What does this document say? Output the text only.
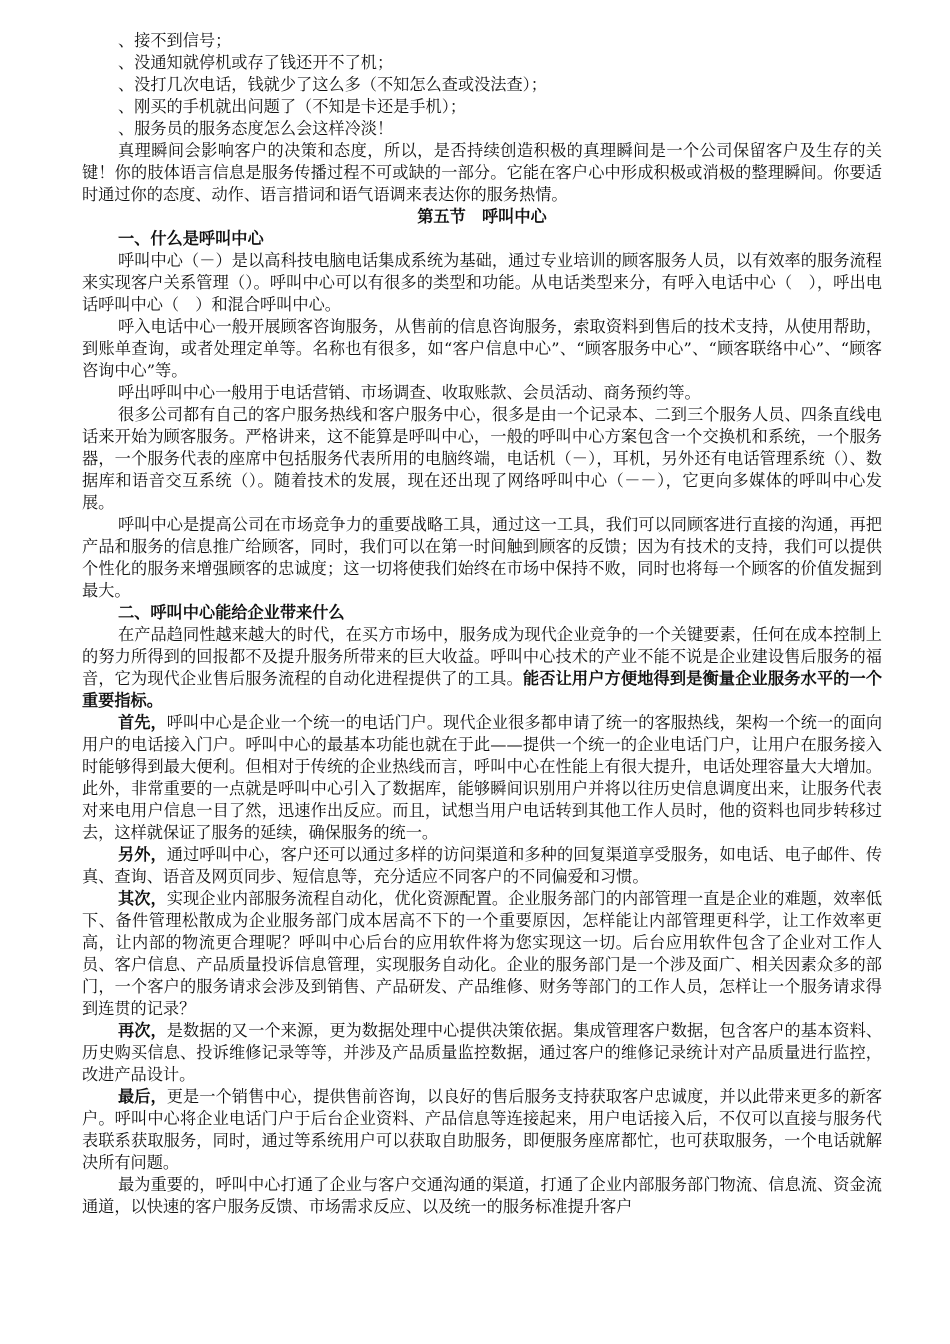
、接不到信号；

、没通知就停机或存了钱还开不了机；

、没打几次电话，钱就少了这么多（不知怎么查或没法查）；

、刚买的手机就出问题了（不知是卡还是手机）；

、服务员的服务态度怎么会这样冷淡！

真理瞬间会影响客户的决策和态度，所以，是否持续创造积极的真理瞬间是一个公司保留客户及生存的关键！你的肢体语言信息是服务传播过程不可或缺的一部分。它能在客户心中形成积极或消极的整理瞬间。你要适时通过你的态度、动作、语言措词和语气语调来表达你的服务热情。

第五节　呼叫中心

一、什么是呼叫中心

呼叫中心（－）是以高科技电脑电话集成系统为基础，通过专业培训的顾客服务人员，以有效率的服务流程来实现客户关系管理（）。呼叫中心可以有很多的类型和功能。从电话类型来分，有呼入电话中心（　），呼出电话呼叫中心（　）和混合呼叫中心。

呼入电话中心一般开展顾客咨询服务，从售前的信息咨询服务，索取资料到售后的技术支持，从使用帮助，到账单查询，或者处理定单等。名称也有很多，如“客户信息中心”、“顾客服务中心”、“顾客联络中心”、“顾客咨询中心”等。

呼出呼叫中心一般用于电话营销、市场调查、收取账款、会员活动、商务预约等。

很多公司都有自己的客户服务热线和客户服务中心，很多是由一个记录本、二到三个服务人员、四条直线电话来开始为顾客服务。严格讲来，这不能算是呼叫中心，一般的呼叫中心方案包含一个交换机和系统，一个服务器，一个服务代表的座席中包括服务代表所用的电脑终端，电话机（－），耳机，另外还有电话管理系统（）、数据库和语音交互系统（）。随着技术的发展，现在还出现了网络呼叫中心（－－），它更向多媒体的呼叫中心发展。

呼叫中心是提高公司在市场竞争力的重要战略工具，通过这一工具，我们可以同顾客进行直接的沟通，再把产品和服务的信息推广给顾客，同时，我们可以在第一时间触到顾客的反馈；因为有技术的支持，我们可以提供个性化的服务来增强顾客的忠诚度；这一切将使我们始终在市场中保持不败，同时也将每一个顾客的价值发掘到最大。

二、呼叫中心能给企业带来什么

在产品趋同性越来越大的时代，在买方市场中，服务成为现代企业竞争的一个关键要素，任何在成本控制上的努力所得到的回报都不及提升服务所带来的巨大收益。呼叫中心技术的产业不能不说是企业建设售后服务的福音，它为现代企业售后服务流程的自动化进程提供了的工具。能否让用户方便地得到是衡量企业服务水平的一个重要指标。

首先，呼叫中心是企业一个统一的电话门户。现代企业很多都申请了统一的客服热线，架构一个统一的面向用户的电话接入门户。呼叫中心的最基本功能也就在于此——提供一个统一的企业电话门户，让用户在服务接入时能够得到最大便利。但相对于传统的企业热线而言，呼叫中心在性能上有很大提升，电话处理容量大大增加。此外，非常重要的一点就是呼叫中心引入了数据库，能够瞬间识别用户并将以往历史信息调度出来，让服务代表对来电用户信息一目了然，迅速作出反应。而且，试想当用户电话转到其他工作人员时，他的资料也同步转移过去，这样就保证了服务的延续，确保服务的统一。

另外，通过呼叫中心，客户还可以通过多样的访问渠道和多种的回复渠道享受服务，如电话、电子邮件、传真、查询、语音及网页同步、短信息等，充分适应不同客户的不同偏爱和习惯。

其次，实现企业内部服务流程自动化，优化资源配置。企业服务部门的内部管理一直是企业的难题，效率低下、备件管理松散成为企业服务部门成本居高不下的一个重要原因，怎样能让内部管理更科学，让工作效率更高，让内部的物流更合理呢？呼叫中心后台的应用软件将为您实现这一切。后台应用软件包含了企业对工作人员、客户信息、产品质量投诉信息管理，实现服务自动化。企业的服务部门是一个涉及面广、相关因素众多的部门，一个客户的服务请求会涉及到销售、产品研发、产品维修、财务等部门的工作人员，怎样让一个服务请求得到连贯的记录？

再次，是数据的又一个来源，更为数据处理中心提供决策依据。集成管理客户数据，包含客户的基本资料、历史购买信息、投诉维修记录等等，并涉及产品质量监控数据，通过客户的维修记录统计对产品质量进行监控，改进产品设计。

最后，更是一个销售中心，提供售前咨询，以良好的售后服务支持获取客户忠诚度，并以此带来更多的新客户。呼叫中心将企业电话门户于后台企业资料、产品信息等连接起来，用户电话接入后，不仅可以直接与服务代表联系获取服务，同时，通过等系统用户可以获取自助服务，即便服务座席都忙，也可获取服务，一个电话就解决所有问题。

最为重要的，呼叫中心打通了企业与客户交通沟通的渠道，打通了企业内部服务部门物流、信息流、资金流通道，以快速的客户服务反馈、市场需求反应、以及统一的服务标准提升客户
